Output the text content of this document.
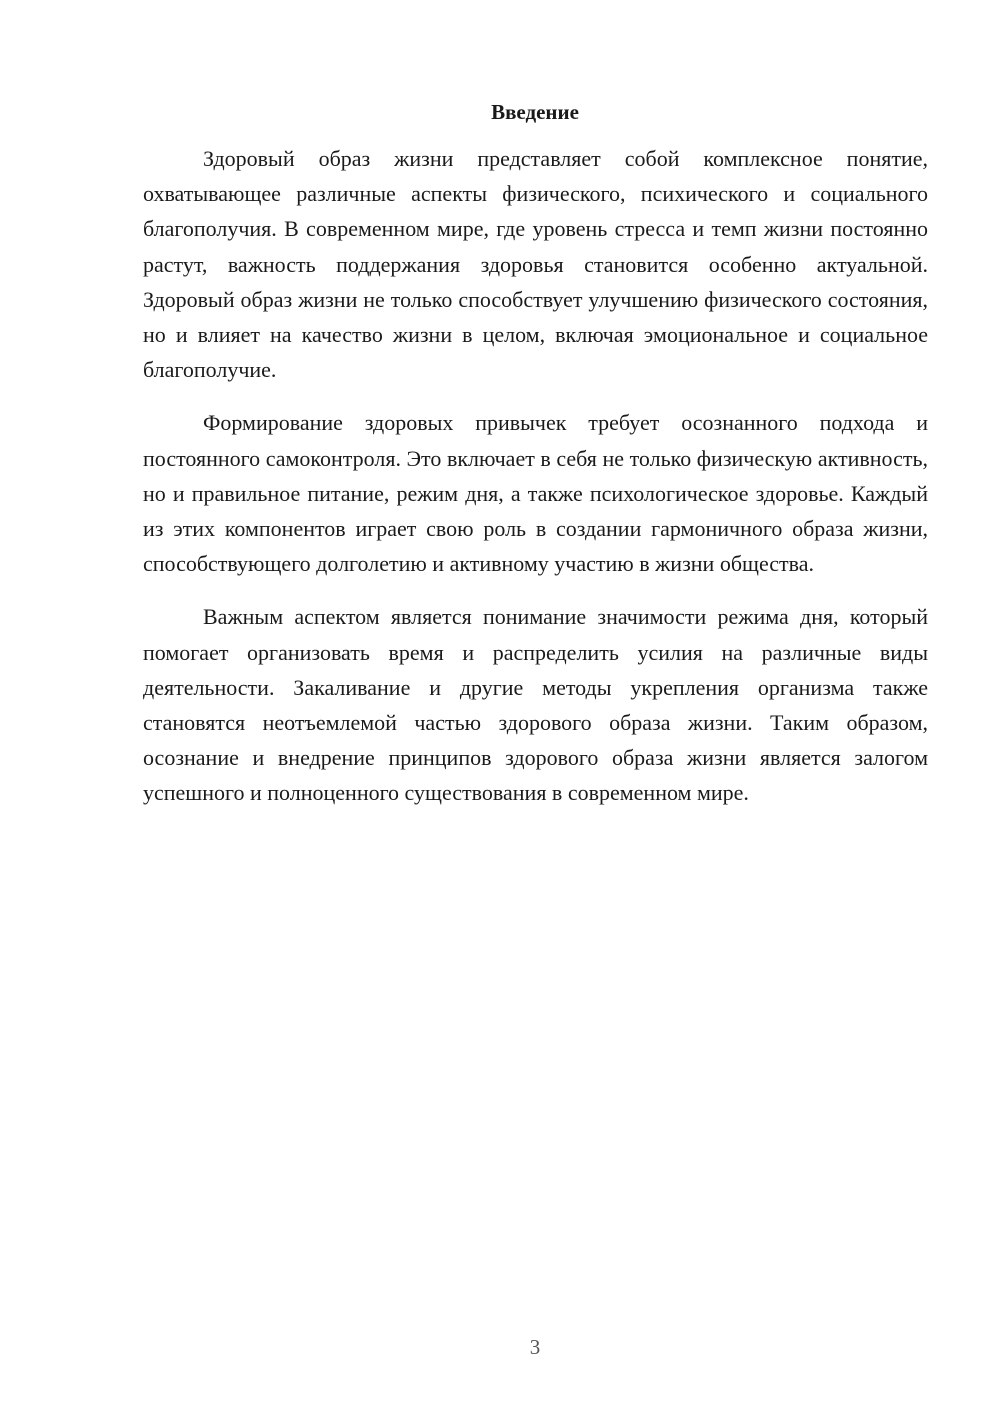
Введение

Здоровый образ жизни представляет собой комплексное понятие, охватывающее различные аспекты физического, психического и социального благополучия. В современном мире, где уровень стресса и темп жизни постоянно растут, важность поддержания здоровья становится особенно актуальной. Здоровый образ жизни не только способствует улучшению физического состояния, но и влияет на качество жизни в целом, включая эмоциональное и социальное благополучие.

Формирование здоровых привычек требует осознанного подхода и постоянного самоконтроля. Это включает в себя не только физическую активность, но и правильное питание, режим дня, а также психологическое здоровье. Каждый из этих компонентов играет свою роль в создании гармоничного образа жизни, способствующего долголетию и активному участию в жизни общества.

Важным аспектом является понимание значимости режима дня, который помогает организовать время и распределить усилия на различные виды деятельности. Закаливание и другие методы укрепления организма также становятся неотъемлемой частью здорового образа жизни. Таким образом, осознание и внедрение принципов здорового образа жизни является залогом успешного и полноценного существования в современном мире.

3
